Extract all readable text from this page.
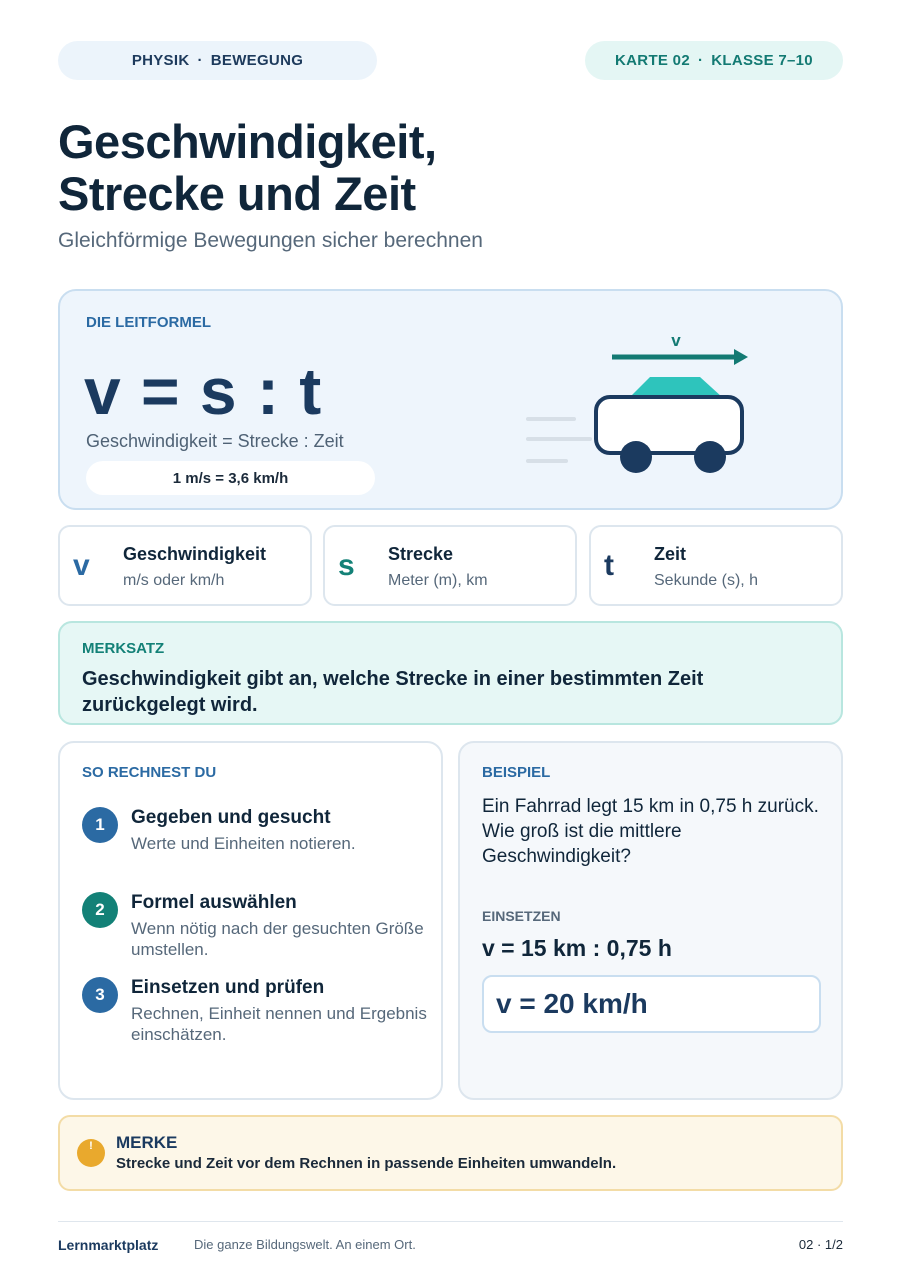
PHYSIK · BEWEGUNG	KARTE 02 · KLASSE 7–10
Geschwindigkeit,
Strecke und Zeit
Gleichförmige Bewegungen sicher berechnen
DIE LEITFORMEL
v = s : t
Geschwindigkeit = Strecke : Zeit
1 m/s = 3,6 km/h
v
v Geschwindigkeit
m/s oder km/h	s Strecke
Meter (m), km	t Zeit
Sekunde (s), h
MERKSATZ
Geschwindigkeit gibt an, welche Strecke in einer bestimmten Zeit zurückgelegt wird.
SO RECHNEST DU
1	Gegeben und gesucht
Werte und Einheiten notieren.
2	Formel auswählen
Wenn nötig nach der gesuchten Größe umstellen.
3	Einsetzen und prüfen
Rechnen, Einheit nennen und Ergebnis einschätzen.
BEISPIEL
Ein Fahrrad legt 15 km in 0,75 h zurück. Wie groß ist die mittlere Geschwindigkeit?
EINSETZEN
v = 15 km : 0,75 h
v = 20 km/h
!	MERKE
Strecke und Zeit vor dem Rechnen in passende Einheiten umwandeln.
Lernmarktplatz	Die ganze Bildungswelt. An einem Ort.	02 · 1/2
